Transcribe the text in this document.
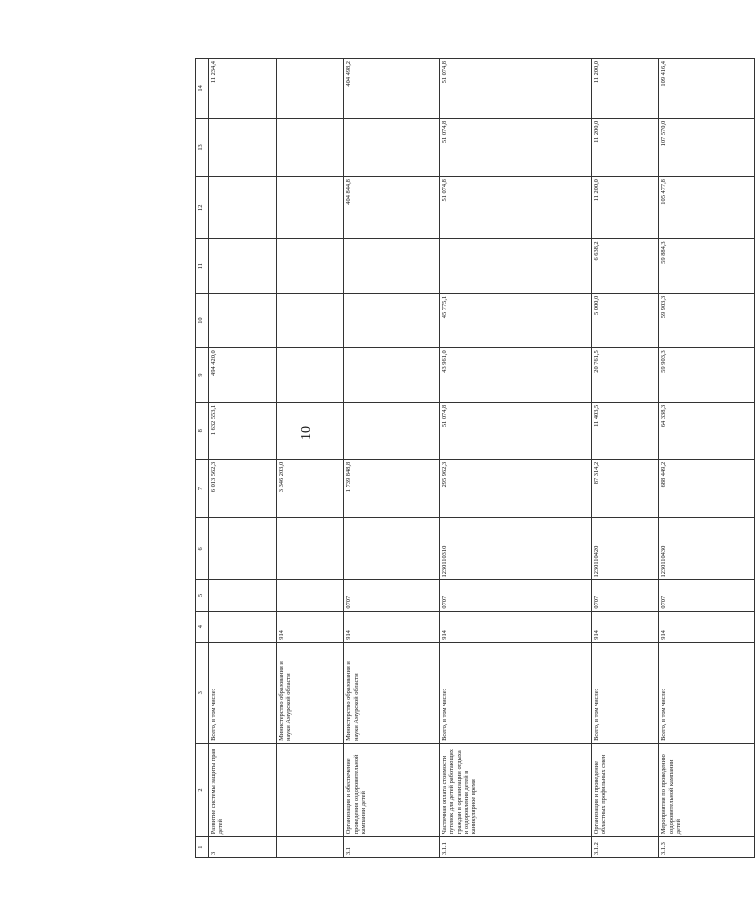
10
1	2	3	4	5	6	7	8	9	10	11	12	13	14
3	Развитие системы защиты прав детей	Всего, в том числе:				6 013 562,3	1 632 553,1	494 420,0					11 234,4
		Министерство образования и науки Амурской области	914			3 346 203,0							
3.1	Организация и обеспечение проведения оздоровительной кампании детей	Министерство образования и науки Амурской области	914	0707		1 739 848,8					404 844,8		404 498,2
3.1.1	Частичная оплата стоимости путевок для детей работающих граждан в организации отдыха и оздоровления детей в каникулярное время	Всего, в том числе:	914	0707	1230110310	295 962,3	51 074,8	43 961,0	45 775,1		51 074,8	51 074,8	51 074,8
3.1.2	Организация и проведение областных профильных смен	Всего, в том числе:	914	0707	1230110420	87 314,2	11 403,5	20 761,5	5 000,0	6 638,2	11 200,0	11 200,0	11 200,0
3.1.3	Мероприятия по проведению оздоровительной кампании детей	Всего, в том числе:	914	0707	1230110430	688 449,2	64 338,3	59 903,3	59 903,3	59 884,3	105 477,8	107 570,0	109 416,4
